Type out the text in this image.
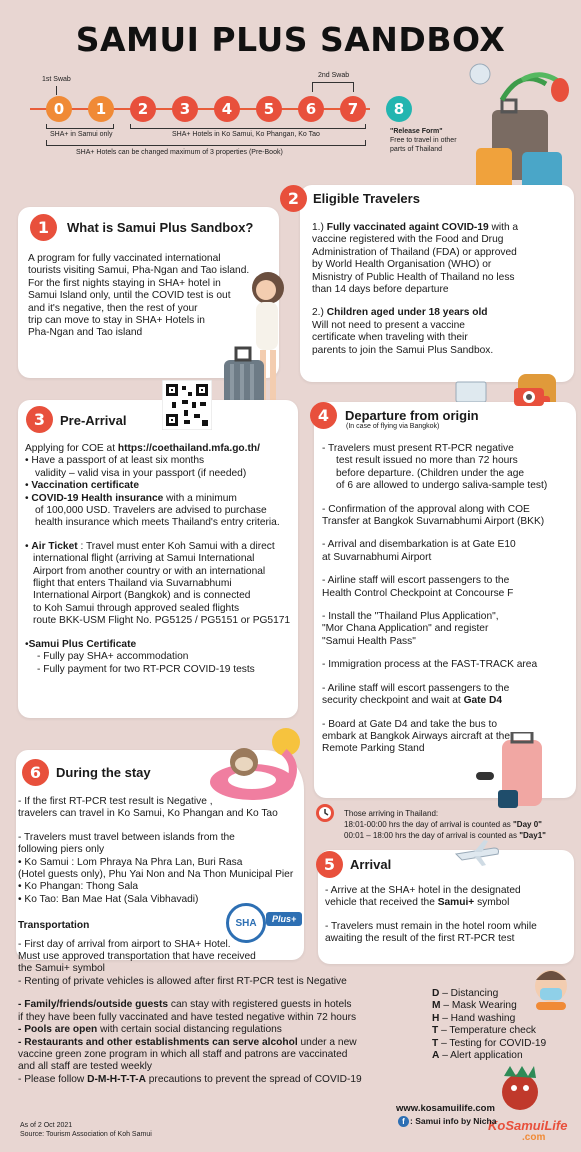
SAMUI PLUS SANDBOX
1st Swab
2nd Swab
0	1	2	3	4	5	6	7	8
SHA+ in Samui only	SHA+ Hotels in Ko Samui, Ko Phangan, Ko Tao
SHA+ Hotels can be changed maximum of 3 properties (Pre-Book)
"Release Form"
Free to travel in other
parts of Thailand
1	What is Samui Plus Sandbox?
A program for fully vaccinated international
tourists visiting Samui, Pha-Ngan and Tao island.
For the first nights staying in SHA+ hotel in
Samui Island only, until the COVID test is out
and it's negative, then the rest of your
trip can move to stay in SHA+ Hotels in
Pha-Ngan and Tao island
2	Eligible Travelers
1.) Fully vaccinated againt COVID-19 with a
vaccine registered with the Food and Drug
Administration of Thailand (FDA) or approved
by World Health Organisation (WHO) or
Misnistry of Public Health of Thailand no less
than 14 days before departure
2.) Children aged under 18 years old
Will not need to present a vaccine
certificate when traveling with their
parents to join the Samui Plus Sandbox.
3	Pre-Arrival
Applying for COE at https://coethailand.mfa.go.th/
• Have a passport of at least six months
validity – valid visa in your passport (if needed)
• Vaccination certificate
• COVID-19 Health insurance with a minimum
of 100,000 USD. Travelers are advised to purchase
health insurance which meets Thailand's entry criteria.
• Air Ticket : Travel must enter Koh Samui with a direct
international flight (arriving at Samui International
Airport from another country or with an international
flight that enters Thailand via Suvarnabhumi
International Airport (Bangkok) and is connected
to Koh Samui through approved sealed flights
route BKK-USM Flight No. PG5125 / PG5151 or PG5171
•Samui Plus Certificate
- Fully pay SHA+ accommodation
- Fully payment for two RT-PCR COVID-19 tests
4	Departure from origin
(In case of flying via Bangkok)
- Travelers must present RT-PCR negative
test result issued no more than 72 hours
before departure. (Children under the age
of 6 are allowed to undergo saliva-sample test)
- Confirmation of the approval along with COE
Transfer at Bangkok Suvarnabhumi Airport (BKK)
- Arrival and disembarkation is at Gate E10
at Suvarnabhumi Airport
- Airline staff will escort passengers to the
Health Control Checkpoint at Concourse F
- Install the "Thailand Plus Application",
"Mor Chana Application" and register
"Samui Health Pass"
- Immigration process at the FAST-TRACK area
- Ariline staff will escort passengers to the
security checkpoint and wait at Gate D4
- Board at Gate D4 and take the bus to
embark at Bangkok Airways aircraft at the
Remote Parking Stand
Those arriving in Thailand:
18:01-00:00 hrs the day of arrival is counted as "Day 0"
00:01 – 18:00 hrs the day of arrival is counted as "Day1"
6	During the stay
- If the first RT-PCR test result is Negative ,
travelers can travel in Ko Samui, Ko Phangan and Ko Tao
- Travelers must travel between islands from the
following piers only
• Ko Samui : Lom Phraya Na Phra Lan, Buri Rasa
(Hotel guests only), Phu Yai Non and Na Thon Municipal Pier
• Ko Phangan: Thong Sala
• Ko Tao: Ban Mae Hat (Sala Vibhavadi)
Transportation
- First day of arrival from airport to SHA+ Hotel.
Must use approved transportation that have received
the Samui+ symbol
- Renting of private vehicles is allowed after first RT-PCR test is Negative
- Family/friends/outside guests can stay with registered guests in hotels
if they have been fully vaccinated and have tested negative within 72 hours
- Pools are open with certain social distancing regulations
- Restaurants and other establishments can serve alcohol under a new
vaccine green zone program in which all staff and patrons are vaccinated
and all staff are tested weekly
- Please follow D-M-H-T-T-A precautions to prevent the spread of COVID-19
SHA	Plus+
5	Arrival
- Arrive at the SHA+ hotel in the designated
vehicle that received the Samui+ symbol
- Travelers must remain in the hotel room while
awaiting the result of the first RT-PCR test
D – Distancing
M – Mask Wearing
H – Hand washing
T – Temperature check
T – Testing for COVID-19
A – Alert application
KoSamuiLife
.com
As of 2 Oct 2021
Source: Tourism Association of Koh Samui
www.kosamuilife.com
f : Samui info by Nicha
